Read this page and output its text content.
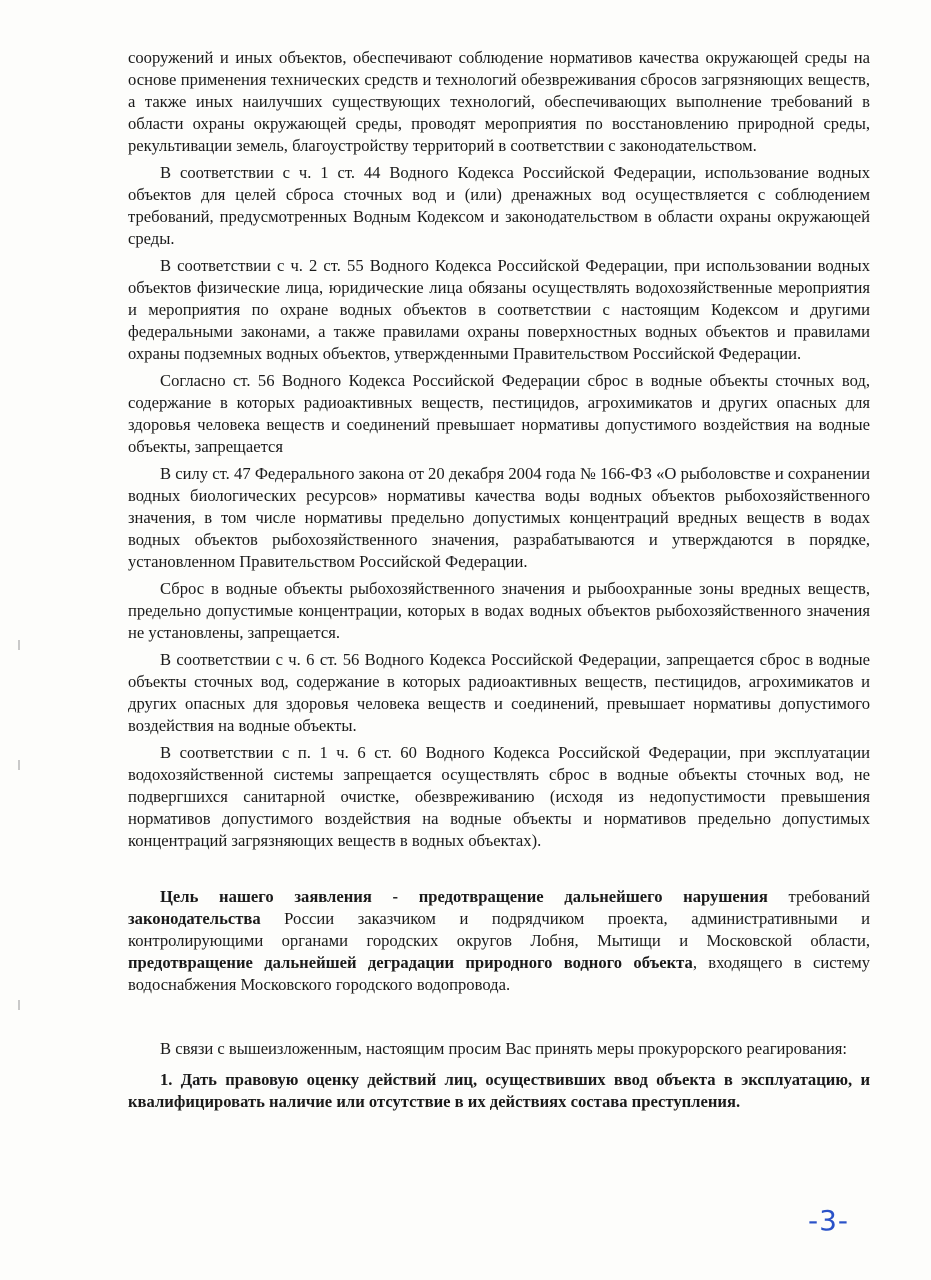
сооружений и иных объектов, обеспечивают соблюдение нормативов качества окружающей среды на основе применения технических средств и технологий обезвреживания сбросов загрязняющих веществ, а также иных наилучших существующих технологий, обеспечивающих выполнение требований в области охраны окружающей среды, проводят мероприятия по восстановлению природной среды, рекультивации земель, благоустройству территорий в соответствии с законодательством.

В соответствии с ч. 1 ст. 44 Водного Кодекса Российской Федерации, использование водных объектов для целей сброса сточных вод и (или) дренажных вод осуществляется с соблюдением требований, предусмотренных Водным Кодексом и законодательством в области охраны окружающей среды.

В соответствии с ч. 2 ст. 55 Водного Кодекса Российской Федерации, при использовании водных объектов физические лица, юридические лица обязаны осуществлять водохозяйственные мероприятия и мероприятия по охране водных объектов в соответствии с настоящим Кодексом и другими федеральными законами, а также правилами охраны поверхностных водных объектов и правилами охраны подземных водных объектов, утвержденными Правительством Российской Федерации.

Согласно ст. 56 Водного Кодекса Российской Федерации сброс в водные объекты сточных вод, содержание в которых радиоактивных веществ, пестицидов, агрохимикатов и других опасных для здоровья человека веществ и соединений превышает нормативы допустимого воздействия на водные объекты, запрещается

В силу ст. 47 Федерального закона от 20 декабря 2004 года № 166-ФЗ «О рыболовстве и сохранении водных биологических ресурсов» нормативы качества воды водных объектов рыбохозяйственного значения, в том числе нормативы предельно допустимых концентраций вредных веществ в водах водных объектов рыбохозяйственного значения, разрабатываются и утверждаются в порядке, установленном Правительством Российской Федерации.

Сброс в водные объекты рыбохозяйственного значения и рыбоохранные зоны вредных веществ, предельно допустимые концентрации, которых в водах водных объектов рыбохозяйственного значения не установлены, запрещается.

В соответствии с ч. 6 ст. 56 Водного Кодекса Российской Федерации, запрещается сброс в водные объекты сточных вод, содержание в которых радиоактивных веществ, пестицидов, агрохимикатов и других опасных для здоровья человека веществ и соединений, превышает нормативы допустимого воздействия на водные объекты.

В соответствии с п. 1 ч. 6 ст. 60 Водного Кодекса Российской Федерации, при эксплуатации водохозяйственной системы запрещается осуществлять сброс в водные объекты сточных вод, не подвергшихся санитарной очистке, обезвреживанию (исходя из недопустимости превышения нормативов допустимого воздействия на водные объекты и нормативов предельно допустимых концентраций загрязняющих веществ в водных объектах).

Цель нашего заявления - предотвращение дальнейшего нарушения требований законодательства России заказчиком и подрядчиком проекта, административными и контролирующими органами городских округов Лобня, Мытищи и Московской области, предотвращение дальнейшей деградации природного водного объекта, входящего в систему водоснабжения Московского городского водопровода.

В связи с вышеизложенным, настоящим просим Вас принять меры прокурорского реагирования:

1. Дать правовую оценку действий лиц, осуществивших ввод объекта в эксплуатацию, и квалифицировать наличие или отсутствие в их действиях состава преступления.

-3-
